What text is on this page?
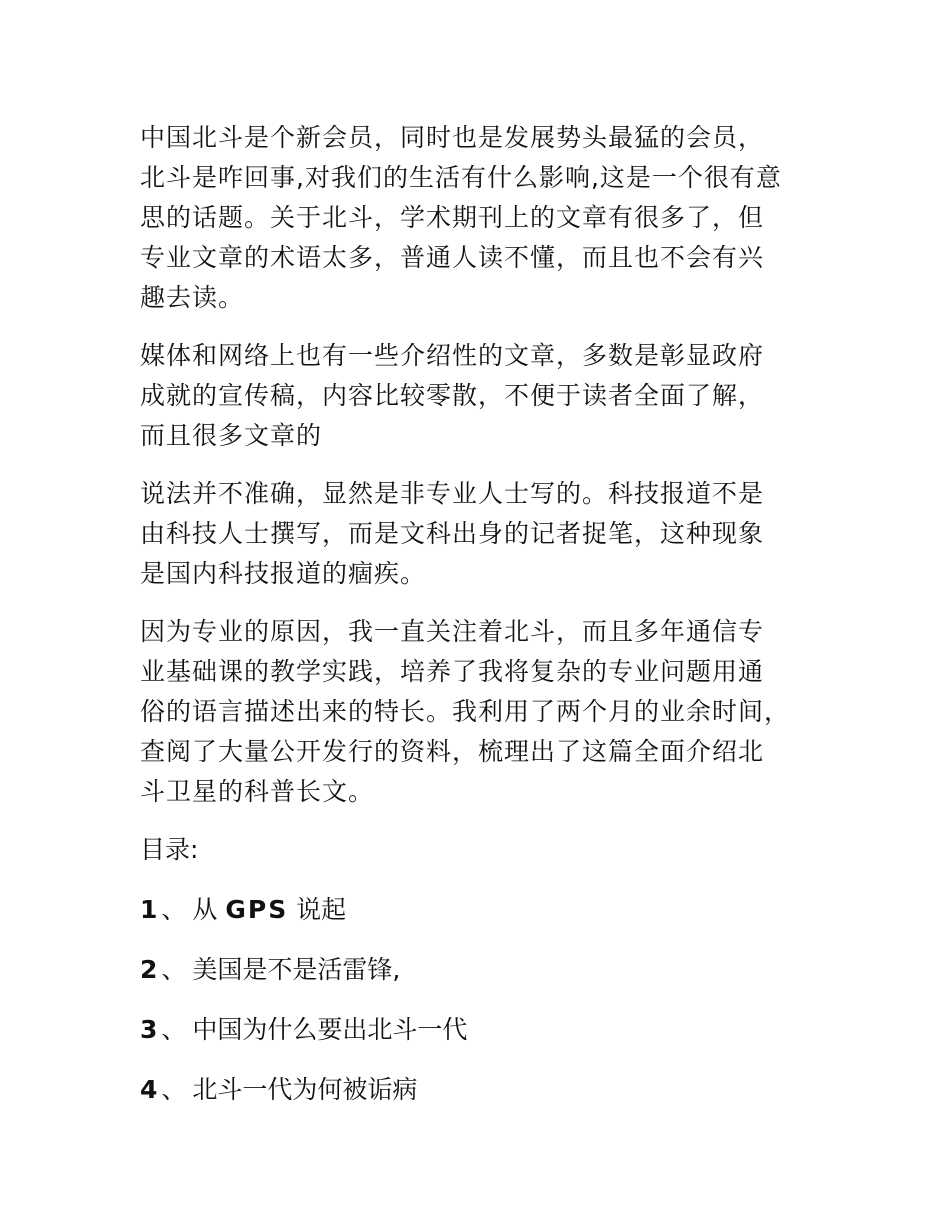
中国北斗是个新会员，同时也是发展势头最猛的会员，
北斗是咋回事,对我们的生活有什么影响,这是一个很有意
思的话题。关于北斗，学术期刊上的文章有很多了，但
专业文章的术语太多，普通人读不懂，而且也不会有兴
趣去读。

媒体和网络上也有一些介绍性的文章，多数是彰显政府
成就的宣传稿，内容比较零散，不便于读者全面了解，
而且很多文章的

说法并不准确，显然是非专业人士写的。科技报道不是
由科技人士撰写，而是文科出身的记者捉笔，这种现象
是国内科技报道的痼疾。

因为专业的原因，我一直关注着北斗，而且多年通信专
业基础课的教学实践，培养了我将复杂的专业问题用通
俗的语言描述出来的特长。我利用了两个月的业余时间，
查阅了大量公开发行的资料，梳理出了这篇全面介绍北
斗卫星的科普长文。

目录:
1 、 从 GPS 说起
2 、 美国是不是活雷锋,
3 、 中国为什么要出北斗一代
4 、 北斗一代为何被诟病
